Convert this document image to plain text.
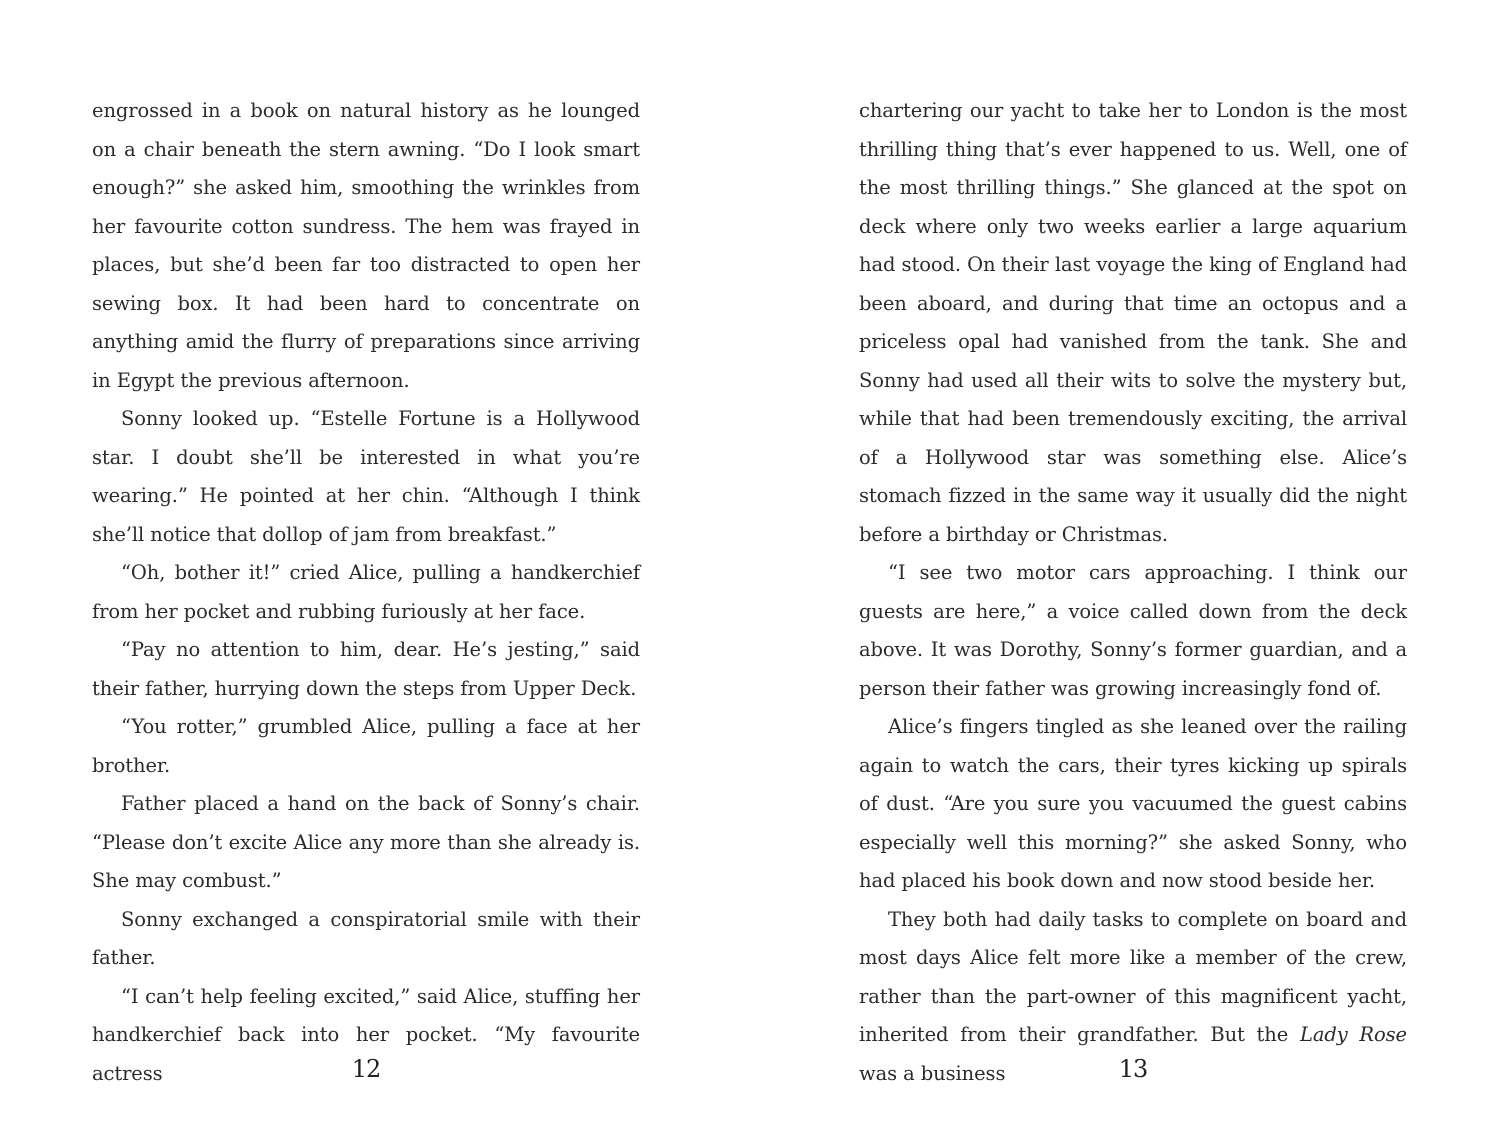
engrossed in a book on natural history as he lounged on a chair beneath the stern awning. “Do I look smart enough?” she asked him, smoothing the wrinkles from her favourite cotton sundress. The hem was frayed in places, but she’d been far too distracted to open her sewing box. It had been hard to concentrate on anything amid the flurry of preparations since arriving in Egypt the previous afternoon.

Sonny looked up. “Estelle Fortune is a Hollywood star. I doubt she’ll be interested in what you’re wearing.” He pointed at her chin. “Although I think she’ll notice that dollop of jam from breakfast.”

“Oh, bother it!” cried Alice, pulling a handkerchief from her pocket and rubbing furiously at her face.

“Pay no attention to him, dear. He’s jesting,” said their father, hurrying down the steps from Upper Deck.

“You rotter,” grumbled Alice, pulling a face at her brother.

Father placed a hand on the back of Sonny’s chair. “Please don’t excite Alice any more than she already is. She may combust.”

Sonny exchanged a conspiratorial smile with their father.

“I can’t help feeling excited,” said Alice, stuffing her handkerchief back into her pocket. “My favourite actress

chartering our yacht to take her to London is the most thrilling thing that’s ever happened to us. Well, one of the most thrilling things.” She glanced at the spot on deck where only two weeks earlier a large aquarium had stood. On their last voyage the king of England had been aboard, and during that time an octopus and a priceless opal had vanished from the tank. She and Sonny had used all their wits to solve the mystery but, while that had been tremendously exciting, the arrival of a Hollywood star was something else. Alice’s stomach fizzed in the same way it usually did the night before a birthday or Christmas.

“I see two motor cars approaching. I think our guests are here,” a voice called down from the deck above. It was Dorothy, Sonny’s former guardian, and a person their father was growing increasingly fond of.

Alice’s fingers tingled as she leaned over the railing again to watch the cars, their tyres kicking up spirals of dust. “Are you sure you vacuumed the guest cabins especially well this morning?” she asked Sonny, who had placed his book down and now stood beside her.

They both had daily tasks to complete on board and most days Alice felt more like a member of the crew, rather than the part-owner of this magnificent yacht, inherited from their grandfather. But the Lady Rose was a business

12	13
